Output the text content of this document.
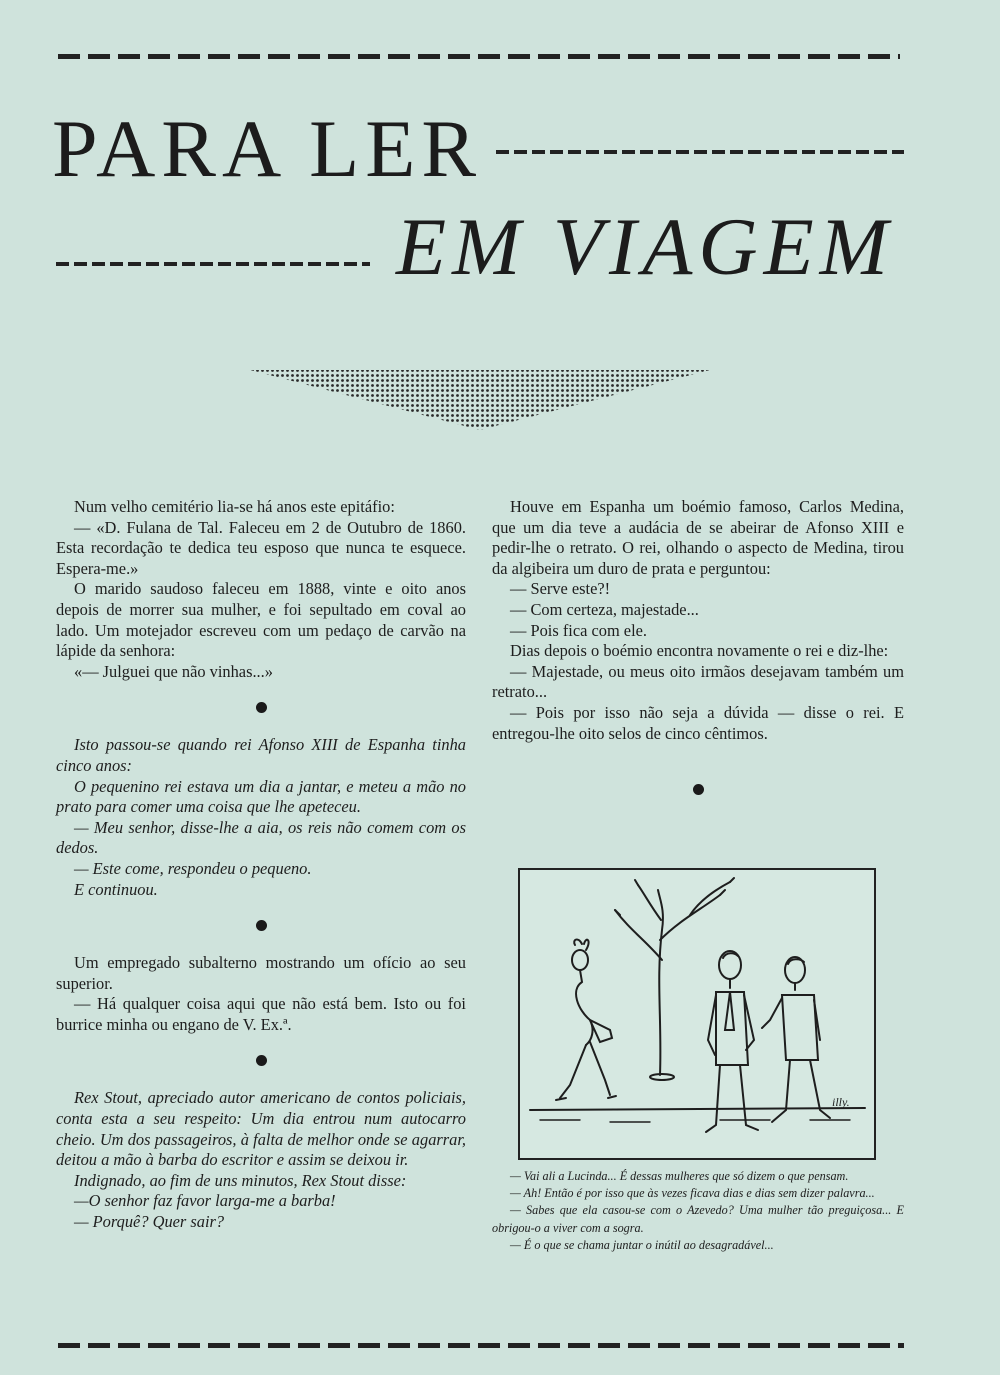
PARA LER
EM VIAGEM

Num velho cemitério lia-se há anos este epitáfio:

— «D. Fulana de Tal. Faleceu em 2 de Outubro de 1860. Esta recordação te dedica teu esposo que nunca te esquece. Espera-me.»

O marido saudoso faleceu em 1888, vinte e oito anos depois de morrer sua mulher, e foi sepultado em coval ao lado. Um motejador escreveu com um pedaço de carvão na lápide da senhora:

«— Julguei que não vinhas...»

Isto passou-se quando rei Afonso XIII de Espanha tinha cinco anos:

O pequenino rei estava um dia a jantar, e meteu a mão no prato para comer uma coisa que lhe apeteceu.

— Meu senhor, disse-lhe a aia, os reis não comem com os dedos.

— Este come, respondeu o pequeno.

E continuou.

Um empregado subalterno mostrando um ofício ao seu superior.

— Há qualquer coisa aqui que não está bem. Isto ou foi burrice minha ou engano de V. Ex.ª.

Rex Stout, apreciado autor americano de contos policiais, conta esta a seu respeito: Um dia entrou num autocarro cheio. Um dos passageiros, à falta de melhor onde se agarrar, deitou a mão à barba do escritor e assim se deixou ir.

Indignado, ao fim de uns minutos, Rex Stout disse:

—O senhor faz favor larga-me a barba!

— Porquê? Quer sair?

Houve em Espanha um boémio famoso, Carlos Medina, que um dia teve a audácia de se abeirar de Afonso XIII e pedir-lhe o retrato. O rei, olhando o aspecto de Medina, tirou da algibeira um duro de prata e perguntou:

— Serve este?!

— Com certeza, majestade...

— Pois fica com ele.

Dias depois o boémio encontra novamente o rei e diz-lhe:

— Majestade, ou meus oito irmãos desejavam também um retrato...

— Pois por isso não seja a dúvida — disse o rei. E entregou-lhe oito selos de cinco cêntimos.

illy.

— Vai ali a Lucinda... É dessas mulheres que só dizem o que pensam.

— Ah! Então é por isso que às vezes ficava dias e dias sem dizer palavra...

— Sabes que ela casou-se com o Azevedo? Uma mulher tão preguiçosa... E obrigou-o a viver com a sogra.

— É o que se chama juntar o inútil ao desagradável...
